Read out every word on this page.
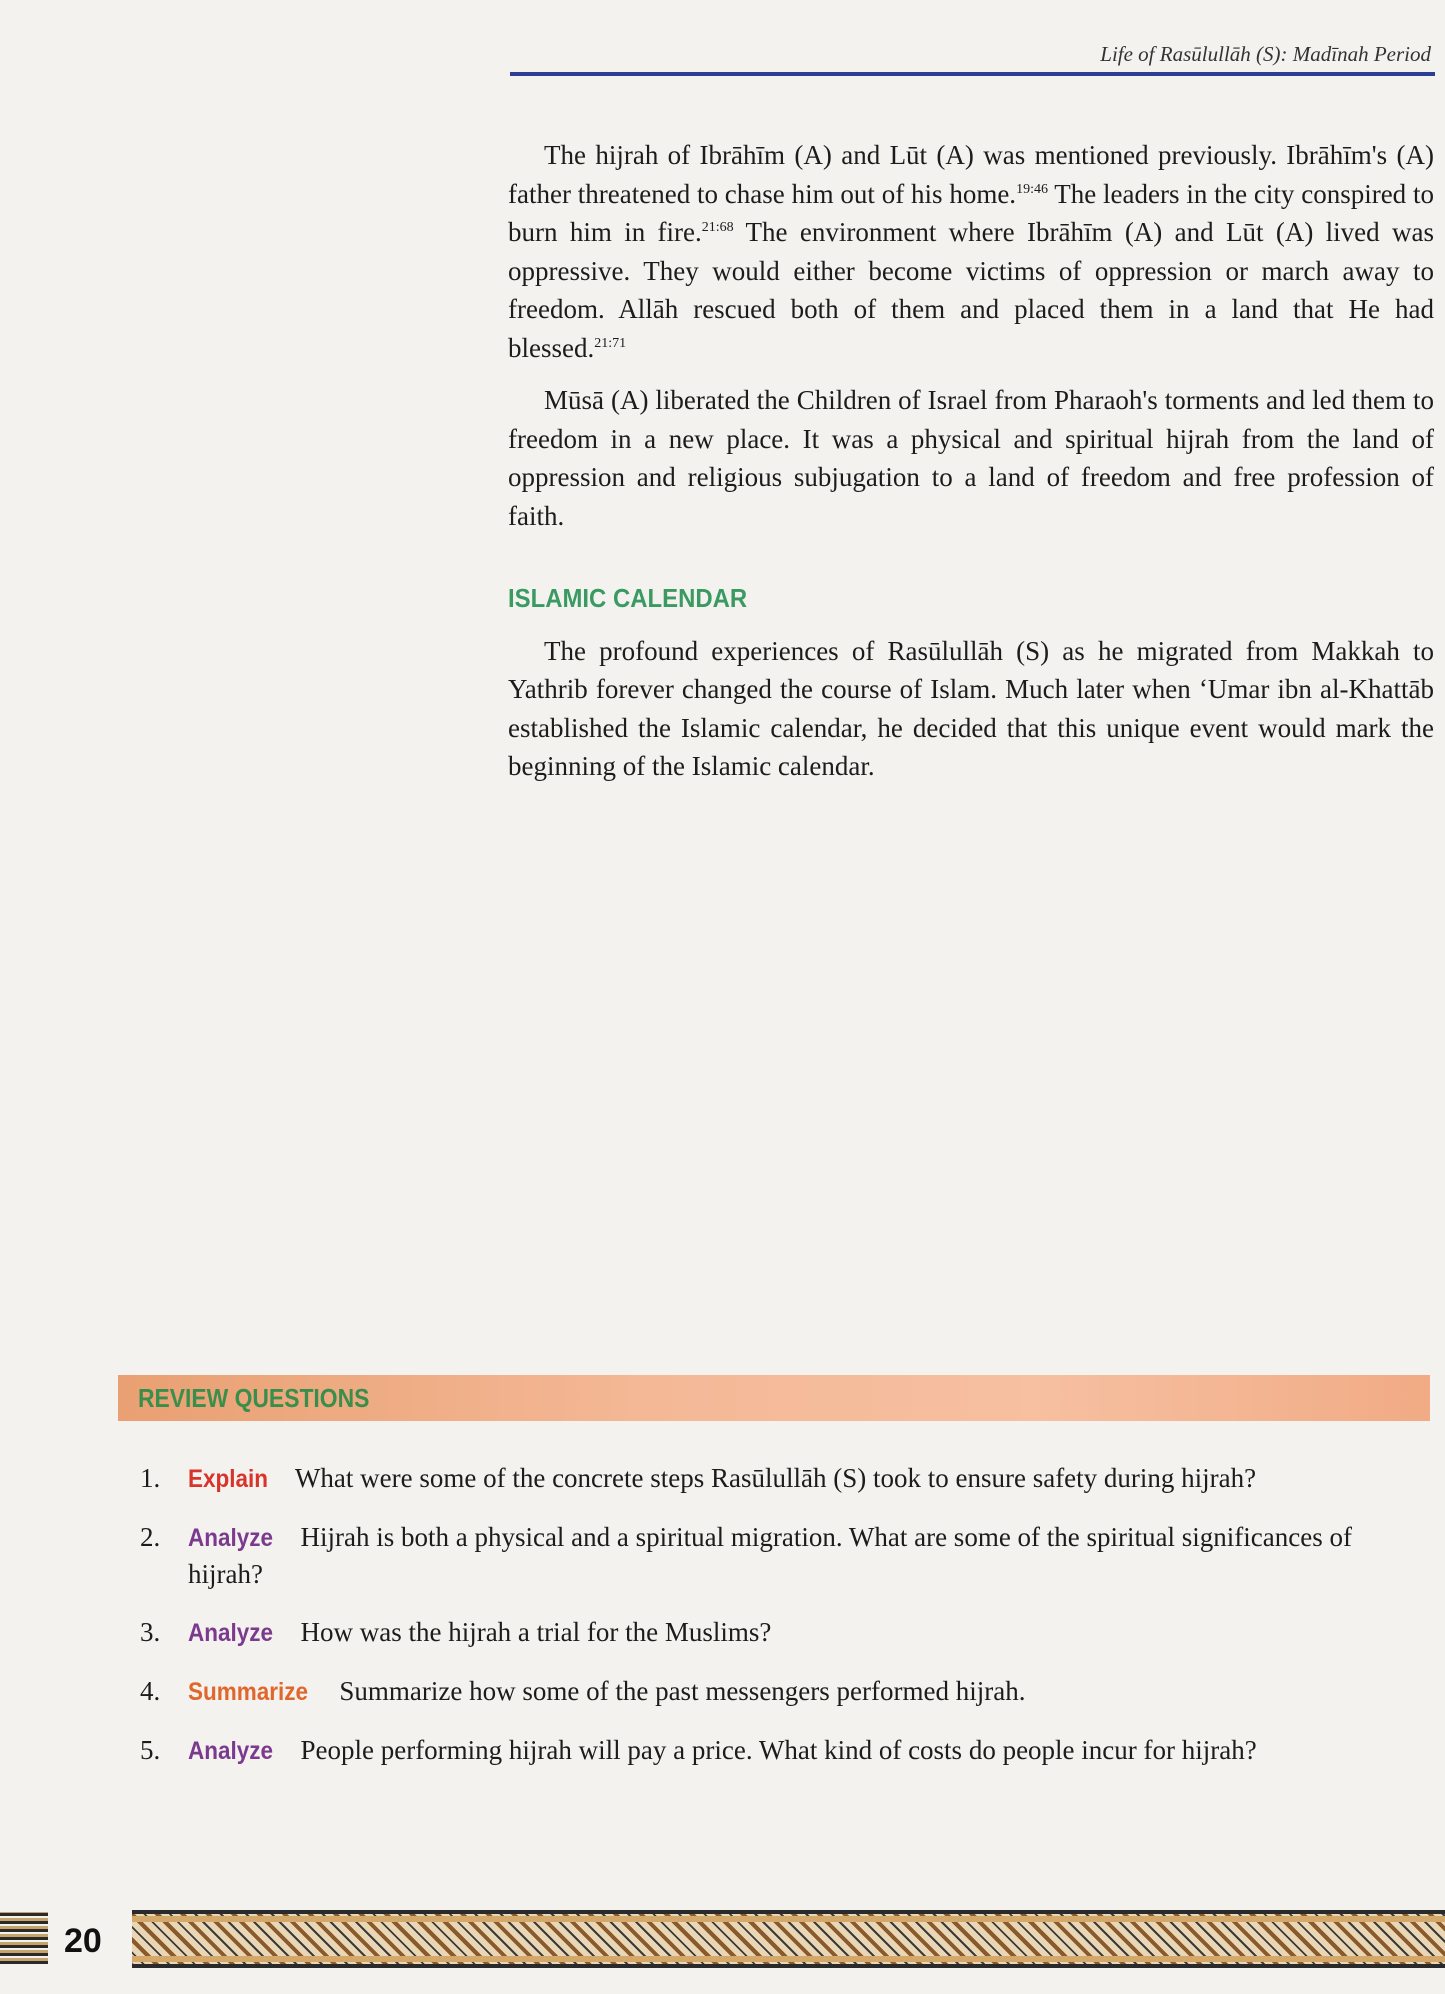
Life of Rasūlullāh (S): Madīnah Period

The hijrah of Ibrāhīm (A) and Lūt (A) was mentioned previously. Ibrāhīm's (A) father threatened to chase him out of his home.$^{19:46}$ The leaders in the city conspired to burn him in fire.$^{21:68}$ The environment where Ibrāhīm (A) and Lūt (A) lived was oppressive. They would either become victims of oppression or march away to freedom. Allāh rescued both of them and placed them in a land that He had blessed.$^{21:71}$

Mūsā (A) liberated the Children of Israel from Pharaoh's torments and led them to freedom in a new place. It was a physical and spiritual hijrah from the land of oppression and religious subjugation to a land of freedom and free profession of faith.

ISLAMIC CALENDAR

The profound experiences of Rasūlullāh (S) as he migrated from Makkah to Yathrib forever changed the course of Islam. Much later when ‘Umar ibn al-Khattāb established the Islamic calendar, he decided that this unique event would mark the beginning of the Islamic calendar.

REVIEW QUESTIONS
1.	Explain What were some of the concrete steps Rasūlullāh (S) took to ensure safety during hijrah?
2.	Analyze Hijrah is both a physical and a spiritual migration. What are some of the spiritual significances of hijrah?
3.	Analyze How was the hijrah a trial for the Muslims?
4.	Summarize Summarize how some of the past messengers performed hijrah.
5.	Analyze People performing hijrah will pay a price. What kind of costs do people incur for hijrah?
20
